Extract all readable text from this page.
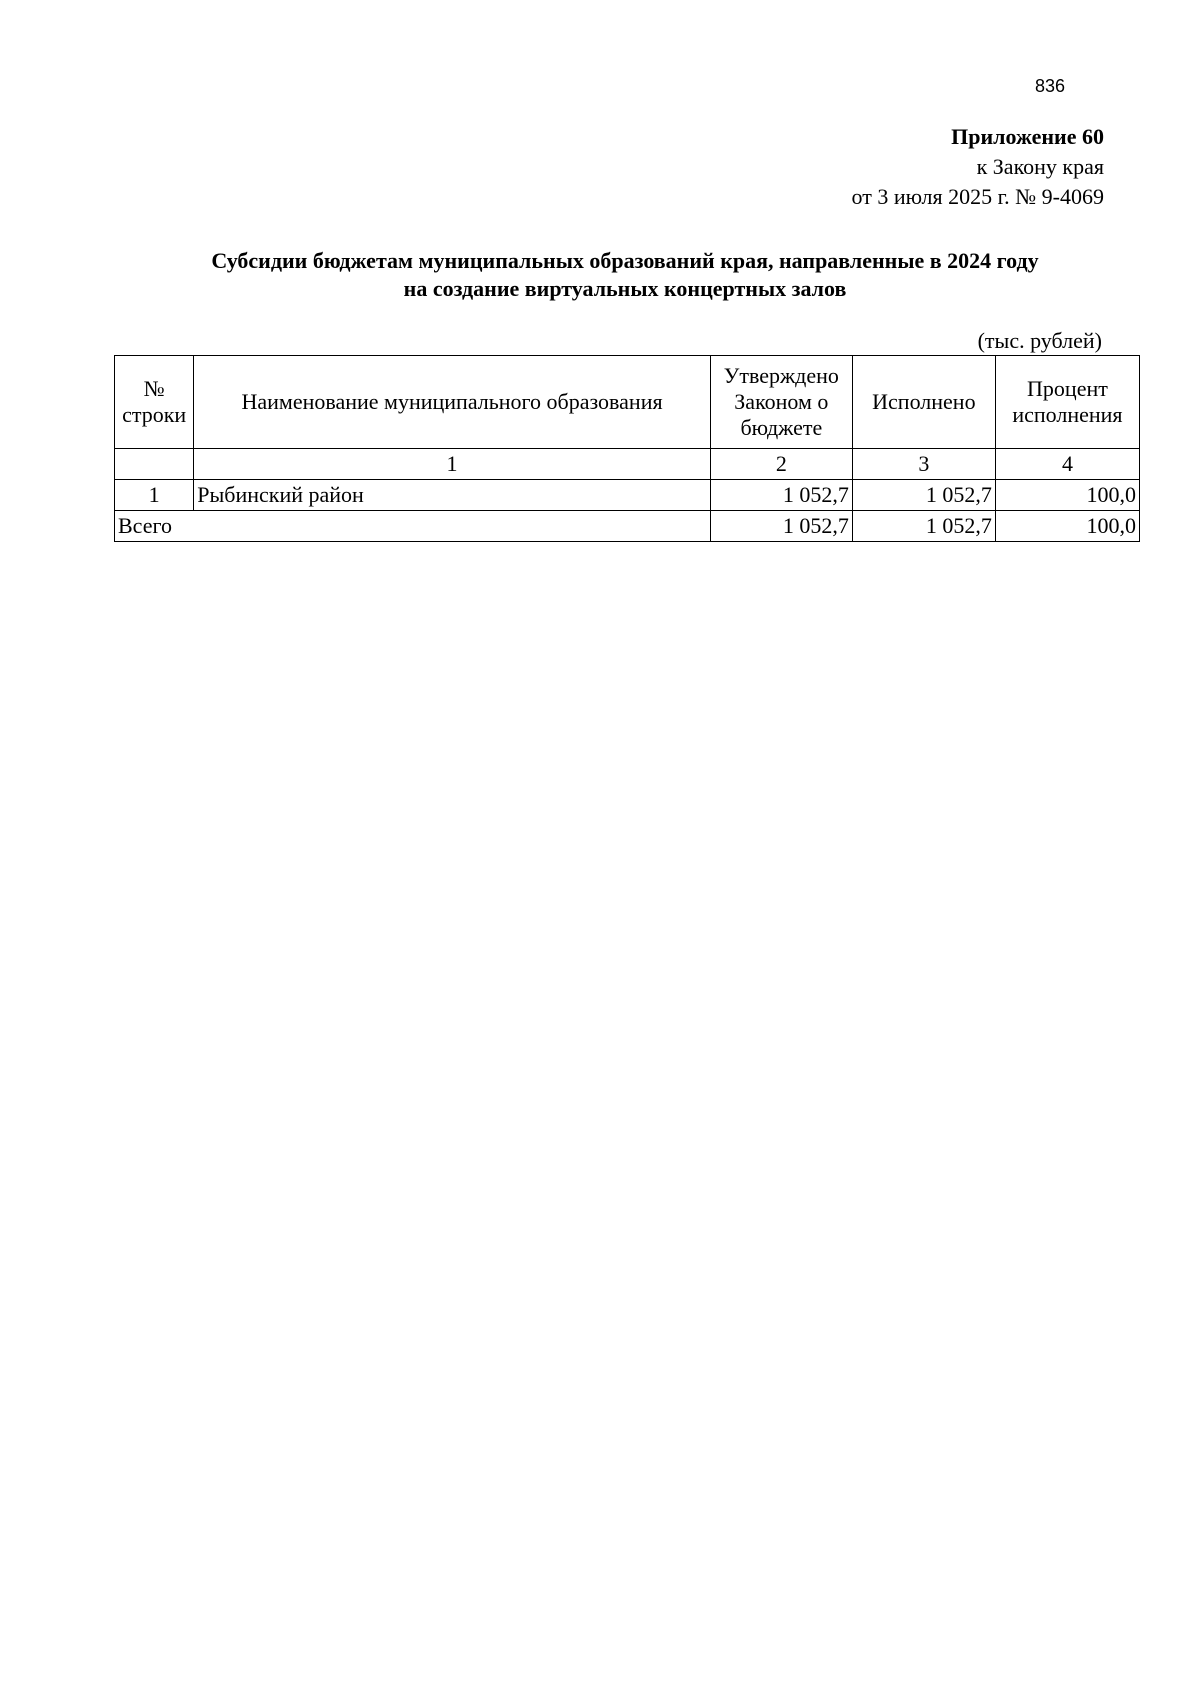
836
Приложение 60
к Закону края
от 3 июля 2025 г. № 9-4069
Субсидии бюджетам муниципальных образований края, направленные в 2024 году
на создание виртуальных концертных залов
(тыс. рублей)
№ строки	Наименование муниципального образования	Утверждено Законом о бюджете	Исполнено	Процент исполнения
	1	2	3	4
1	Рыбинский район	1 052,7	1 052,7	100,0
Всего		1 052,7	1 052,7	100,0
